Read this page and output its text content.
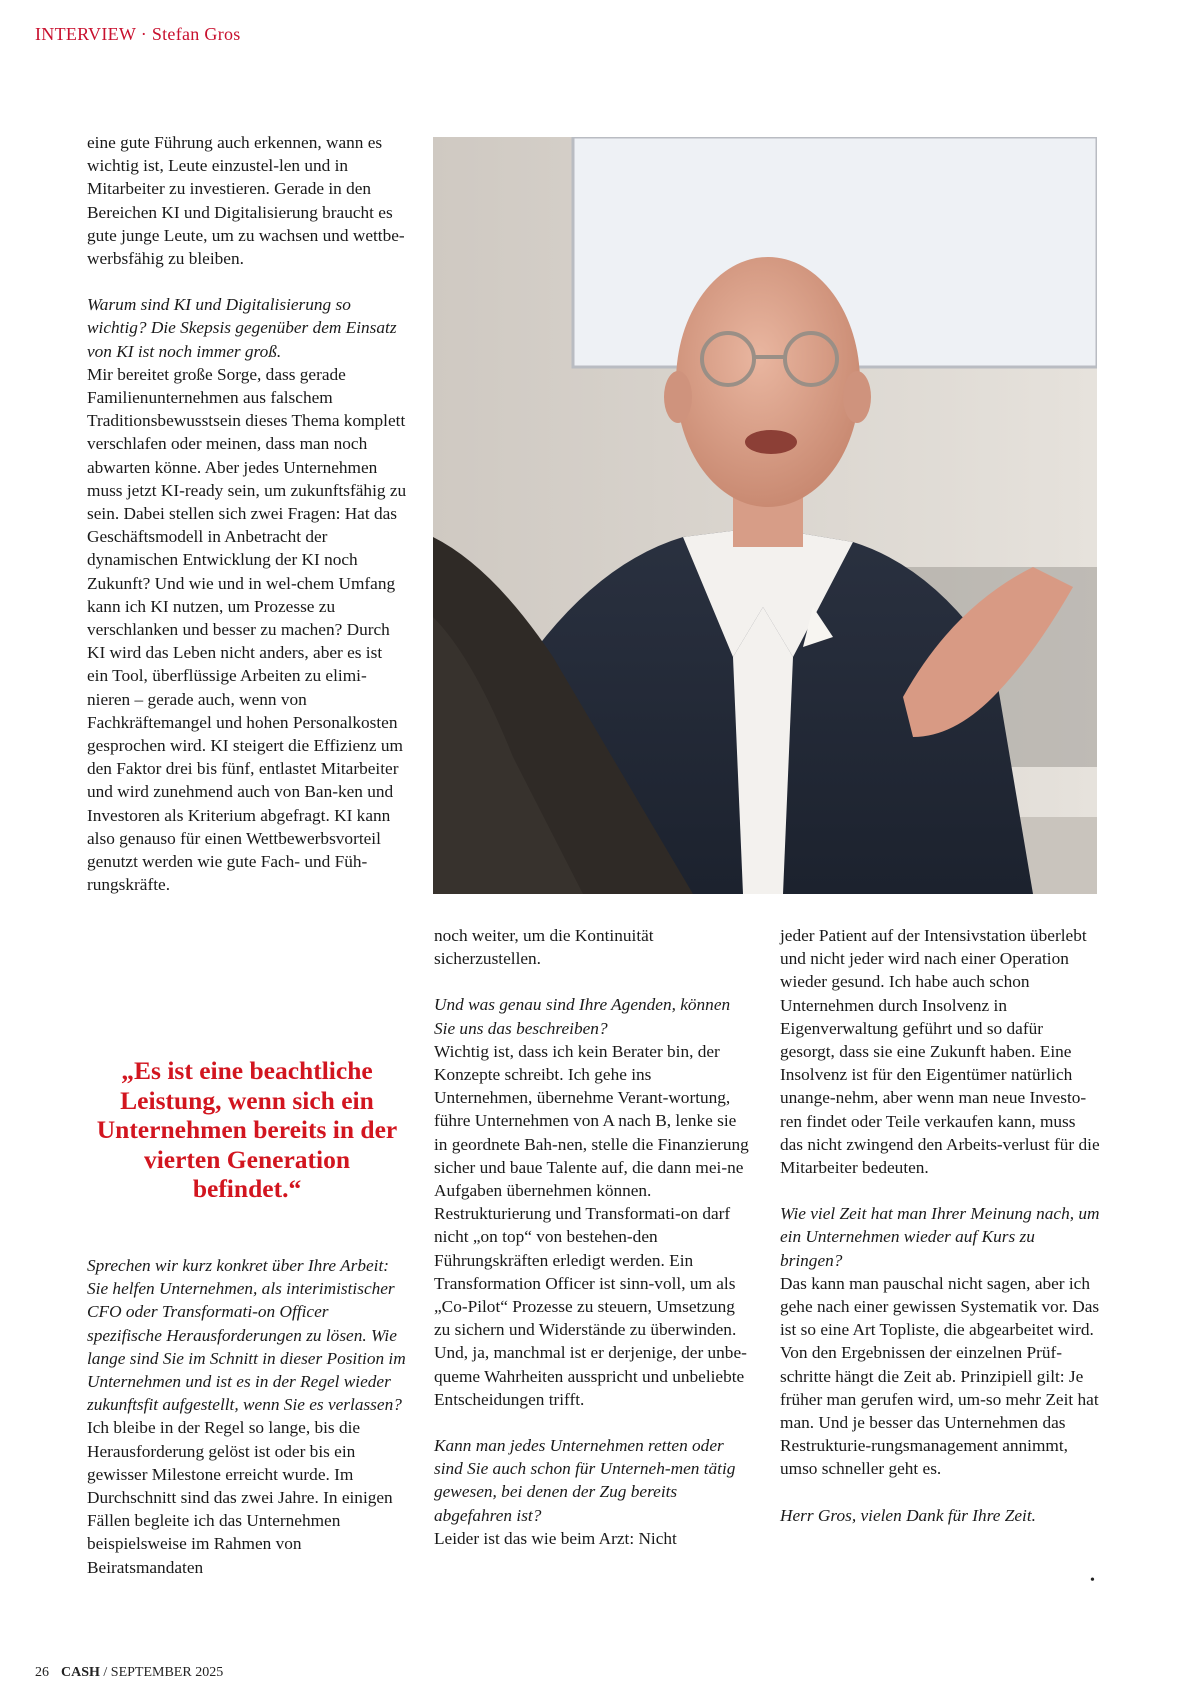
INTERVIEW · Stefan Gros

eine gute Führung auch erkennen, wann es wichtig ist, Leute einzustel-len und in Mitarbeiter zu investieren. Gerade in den Bereichen KI und Digitalisierung braucht es gute junge Leute, um zu wachsen und wettbe-werbsfähig zu bleiben.

Warum sind KI und Digitalisierung so wichtig? Die Skepsis gegenüber dem Einsatz von KI ist noch immer groß.

Mir bereitet große Sorge, dass gerade Familienunternehmen aus falschem Traditionsbewusstsein dieses Thema komplett verschlafen oder meinen, dass man noch abwarten könne. Aber jedes Unternehmen muss jetzt KI-ready sein, um zukunftsfähig zu sein. Dabei stellen sich zwei Fragen: Hat das Geschäftsmodell in Anbetracht der dynamischen Entwicklung der KI noch Zukunft? Und wie und in wel-chem Umfang kann ich KI nutzen, um Prozesse zu verschlanken und besser zu machen? Durch KI wird das Leben nicht anders, aber es ist ein Tool, überflüssige Arbeiten zu elimi-nieren – gerade auch, wenn von Fachkräftemangel und hohen Personalkosten gesprochen wird. KI steigert die Effizienz um den Faktor drei bis fünf, entlastet Mitarbeiter und wird zunehmend auch von Ban-ken und Investoren als Kriterium abgefragt. KI kann also genauso für einen Wettbewerbsvorteil genutzt werden wie gute Fach- und Füh-rungskräfte.

„Es ist eine beachtliche Leistung, wenn sich ein Unternehmen bereits in der vierten Generation befindet.“

Sprechen wir kurz konkret über Ihre Arbeit: Sie helfen Unternehmen, als interimistischer CFO oder Transformati-on Officer spezifische Herausforderungen zu lösen. Wie lange sind Sie im Schnitt in dieser Position im Unternehmen und ist es in der Regel wieder zukunftsfit aufgestellt, wenn Sie es verlassen?

Ich bleibe in der Regel so lange, bis die Herausforderung gelöst ist oder bis ein gewisser Milestone erreicht wurde. Im Durchschnitt sind das zwei Jahre. In einigen Fällen begleite ich das Unternehmen beispielsweise im Rahmen von Beiratsmandaten

noch weiter, um die Kontinuität sicherzustellen.

Und was genau sind Ihre Agenden, können Sie uns das beschreiben?

Wichtig ist, dass ich kein Berater bin, der Konzepte schreibt. Ich gehe ins Unternehmen, übernehme Verant-wortung, führe Unternehmen von A nach B, lenke sie in geordnete Bah-nen, stelle die Finanzierung sicher und baue Talente auf, die dann mei-ne Aufgaben übernehmen können. Restrukturierung und Transformati-on darf nicht „on top“ von bestehen-den Führungskräften erledigt werden. Ein Transformation Officer ist sinn-voll, um als „Co-Pilot“ Prozesse zu steuern, Umsetzung zu sichern und Widerstände zu überwinden. Und, ja, manchmal ist er derjenige, der unbe-queme Wahrheiten ausspricht und unbeliebte Entscheidungen trifft.

Kann man jedes Unternehmen retten oder sind Sie auch schon für Unterneh-men tätig gewesen, bei denen der Zug bereits abgefahren ist?

Leider ist das wie beim Arzt: Nicht

jeder Patient auf der Intensivstation überlebt und nicht jeder wird nach einer Operation wieder gesund. Ich habe auch schon Unternehmen durch Insolvenz in Eigenverwaltung geführt und so dafür gesorgt, dass sie eine Zukunft haben. Eine Insolvenz ist für den Eigentümer natürlich unange-nehm, aber wenn man neue Investo-ren findet oder Teile verkaufen kann, muss das nicht zwingend den Arbeits-verlust für die Mitarbeiter bedeuten.

Wie viel Zeit hat man Ihrer Meinung nach, um ein Unternehmen wieder auf Kurs zu bringen?

Das kann man pauschal nicht sagen, aber ich gehe nach einer gewissen Systematik vor. Das ist so eine Art Topliste, die abgearbeitet wird. Von den Ergebnissen der einzelnen Prüf-schritte hängt die Zeit ab. Prinzipiell gilt: Je früher man gerufen wird, um-so mehr Zeit hat man. Und je besser das Unternehmen das Restrukturie-rungsmanagement annimmt, umso schneller geht es.

Herr Gros, vielen Dank für Ihre Zeit.

•
26 CASH / SEPTEMBER 2025
